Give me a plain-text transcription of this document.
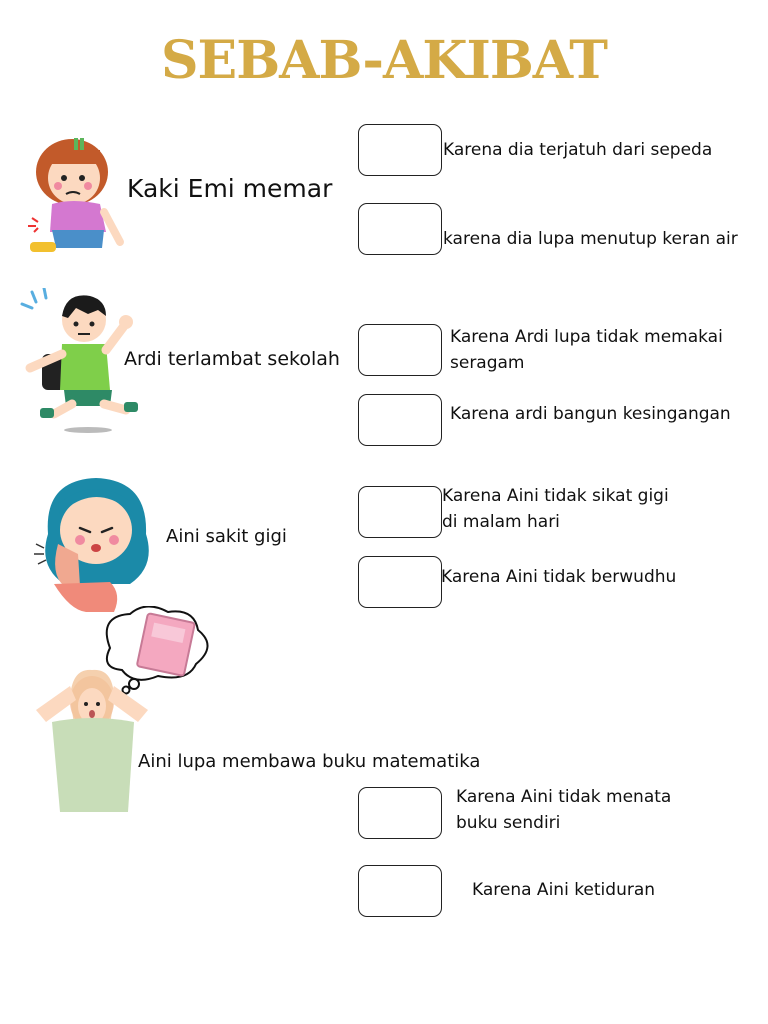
SEBAB-AKIBAT
Kaki Emi memar
Karena dia terjatuh dari sepeda
karena dia lupa menutup keran air
Ardi terlambat sekolah
Karena Ardi lupa tidak memakai
seragam
Karena ardi bangun kesingangan
Aini sakit gigi
Karena Aini tidak sikat gigi
di malam hari
Karena Aini tidak berwudhu
Aini lupa membawa buku matematika
Karena Aini tidak menata
buku sendiri
Karena Aini ketiduran
